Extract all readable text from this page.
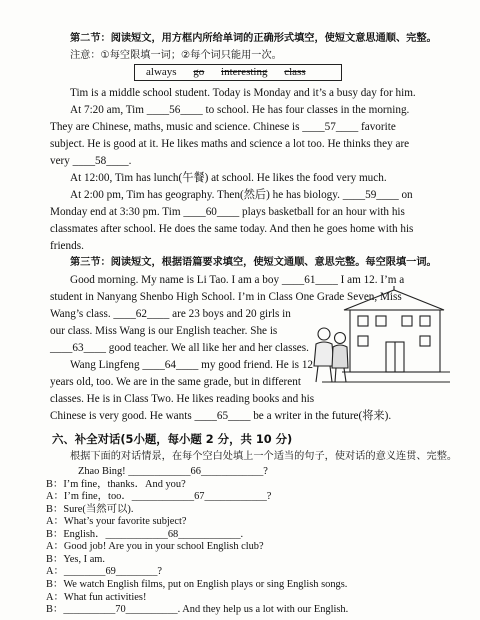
第二节：阅读短文，用方框内所给单词的正确形式填空，使短文意思通顺、完整。
注意：①每空限填一词；②每个词只能用一次。
always go interesting class
Tim is a middle school student. Today is Monday and it’s a busy day for him.
At 7:20 am, Tim ____56____ to school. He has four classes in the morning.
They are Chinese, maths, music and science. Chinese is ____57____ favorite
subject. He is good at it. He likes maths and science a lot too. He thinks they are
very ____58____.
At 12:00, Tim has lunch(午餐) at school. He likes the food very much.
At 2:00 pm, Tim has geography. Then(然后) he has biology. ____59____ on
Monday end at 3:30 pm. Tim ____60____ plays basketball for an hour with his
classmates after school. He does the same today. And then he goes home with his
friends.
第三节：阅读短文，根据语篇要求填空，使短文通顺、意思完整。每空限填一词。
Good morning. My name is Li Tao. I am a boy ____61____ I am 12. I’m a
student in Nanyang Shenbo High School. I’m in Class One Grade Seven, Miss
Wang’s class. ____62____ are 23 boys and 20 girls in
our class. Miss Wang is our English teacher. She is
____63____ good teacher. We all like her and her classes.
Wang Lingfeng ____64____ my good friend. He is 12
years old, too. We are in the same grade, but in different
classes. He is in Class Two. He likes reading books and his
Chinese is very good. He wants ____65____ be a writer in the future(将来).
六、补全对话(5小题，每小题 2 分，共 10 分)
根据下面的对话情景，在每个空白处填上一个适当的句子，使对话的意义连贯、完整。
Zhao Bing! ____________66____________?
B：I’m fine，thanks．And you?
A：I’m fine，too．____________67____________?
B：Sure(当然可以).
A：What’s your favorite subject?
B：English．____________68____________.
A：Good job! Are you in your school English club?
B：Yes, I am.
A：________69________?
B：We watch English films, put on English plays or sing English songs.
A：What fun activities!
B：__________70__________. And they help us a lot with our English.
